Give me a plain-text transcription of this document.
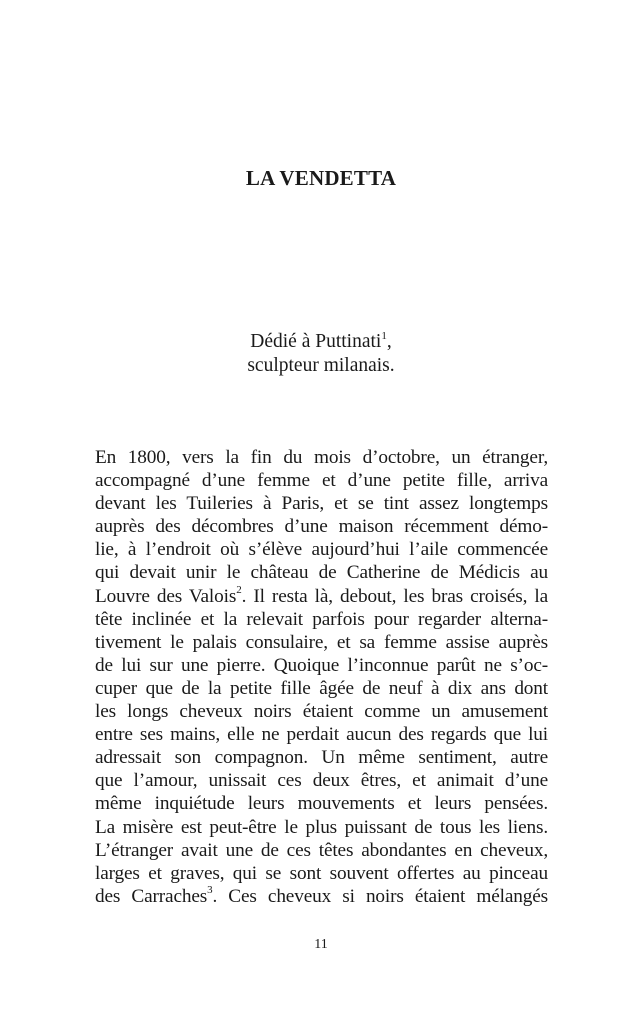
LA VENDETTA
Dédié à Puttinati$^1$,
sculpteur milanais.
En 1800, vers la fin du mois d’octobre, un étranger,
accompagné d’une femme et d’une petite fille, arriva
devant les Tuileries à Paris, et se tint assez longtemps
auprès des décombres d’une maison récemment démo-
lie, à l’endroit où s’élève aujourd’hui l’aile commencée
qui devait unir le château de Catherine de Médicis au
Louvre des Valois$^2$. Il resta là, debout, les bras croisés, la
tête inclinée et la relevait parfois pour regarder alterna-
tivement le palais consulaire, et sa femme assise auprès
de lui sur une pierre. Quoique l’inconnue parût ne s’oc-
cuper que de la petite fille âgée de neuf à dix ans dont
les longs cheveux noirs étaient comme un amusement
entre ses mains, elle ne perdait aucun des regards que lui
adressait son compagnon. Un même sentiment, autre
que l’amour, unissait ces deux êtres, et animait d’une
même inquiétude leurs mouvements et leurs pensées.
La misère est peut-être le plus puissant de tous les liens.
L’étranger avait une de ces têtes abondantes en cheveux,
larges et graves, qui se sont souvent offertes au pinceau
des Carraches$^3$. Ces cheveux si noirs étaient mélangés
11
